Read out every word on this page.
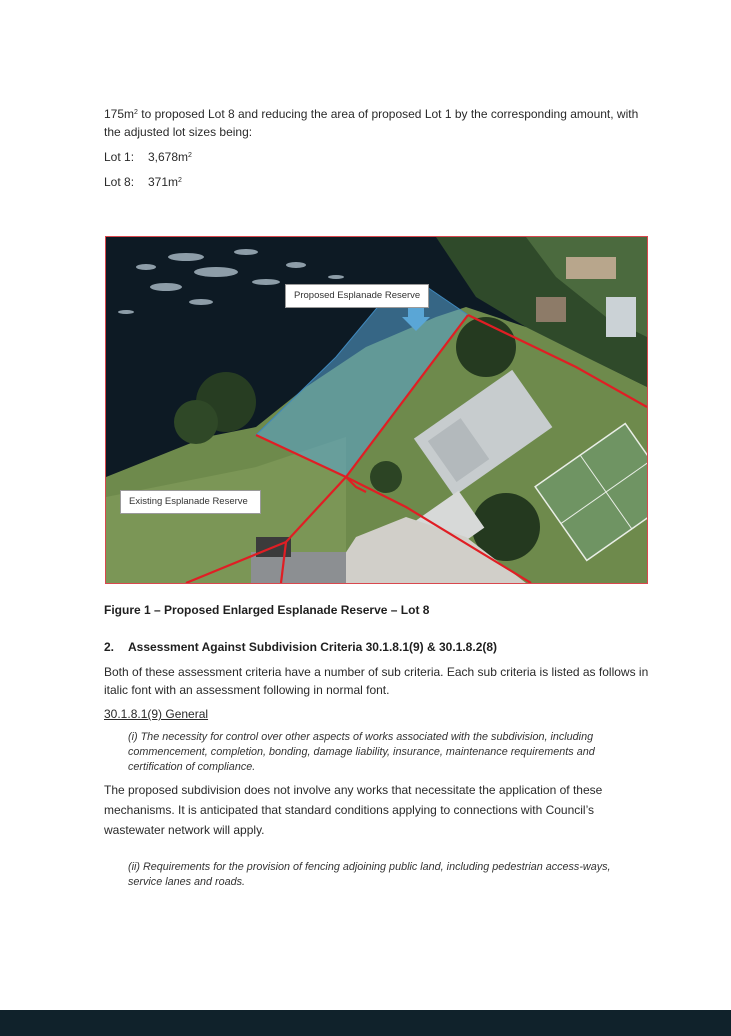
$175m^2$ to proposed Lot 8 and reducing the area of proposed Lot 1 by the corresponding amount, with the adjusted lot sizes being:

Lot 1: $3,678m^2$
Lot 8: $371m^2$
Proposed Esplanade Reserve
Existing Esplanade Reserve
Figure 1 – Proposed Enlarged Esplanade Reserve – Lot 8
2. Assessment Against Subdivision Criteria 30.1.8.1(9) & 30.1.8.2(8)

Both of these assessment criteria have a number of sub criteria. Each sub criteria is listed as follows in italic font with an assessment following in normal font.

30.1.8.1(9) General

(i) The necessity for control over other aspects of works associated with the subdivision, including commencement, completion, bonding, damage liability, insurance, maintenance requirements and certification of compliance.

The proposed subdivision does not involve any works that necessitate the application of these mechanisms. It is anticipated that standard conditions applying to connections with Council’s wastewater network will apply.

(ii) Requirements for the provision of fencing adjoining public land, including pedestrian access-ways, service lanes and roads.
